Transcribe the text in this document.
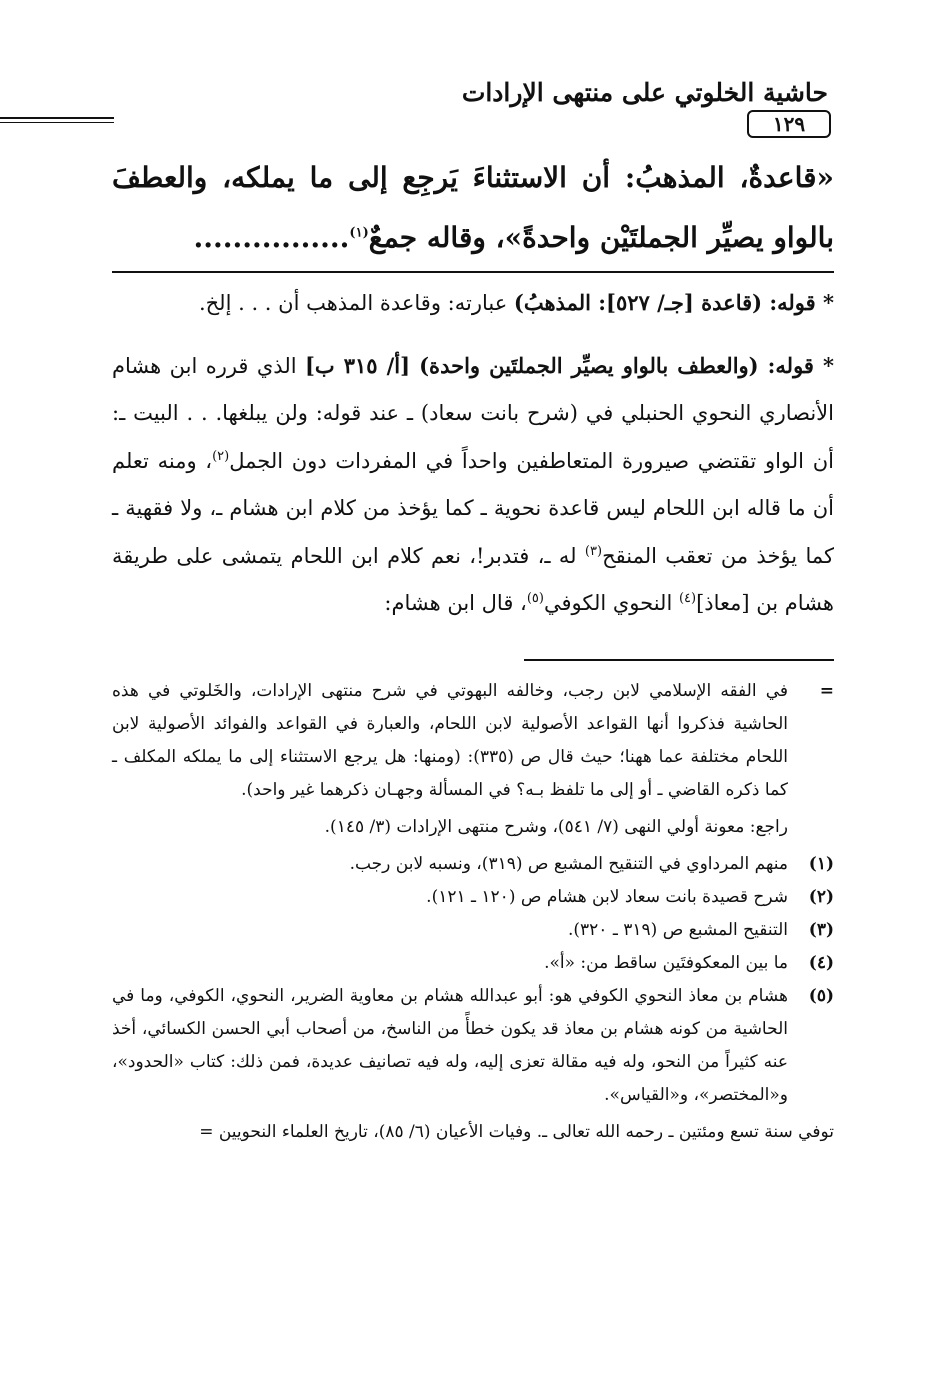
حاشية الخلوتي على منتهى الإرادات
١٢٩
«قاعدةٌ، المذهبُ: أن الاستثناءَ يَرجِع إلى ما يملكه، والعطفَ بالواو يصيِّر الجملتَيْن واحدةً»، وقاله جمعٌ$^{(١)}$................

* قوله: (قاعدة [جـ/ ٥٢٧]: المذهبُ) عبارته: وقاعدة المذهب أن . . . إلخ.

* قوله: (والعطف بالواو يصيِّر الجملتَين واحدة) [أ/ ٣١٥ ب] الذي قرره ابن هشام الأنصاري النحوي الحنبلي في (شرح بانت سعاد) ـ عند قوله: ولن يبلغها. . . البيت ـ: أن الواو تقتضي صيرورة المتعاطفين واحداً في المفردات دون الجمل$^{(٢)}$، ومنه تعلم أن ما قاله ابن اللحام ليس قاعدة نحوية ـ كما يؤخذ من كلام ابن هشام ـ، ولا فقهية ـ كما يؤخذ من تعقب المنقح$^{(٣)}$ له ـ، فتدبر!، نعم كلام ابن اللحام يتمشى على طريقة هشام بن [معاذ]$^{(٤)}$ النحوي الكوفي$^{(٥)}$، قال ابن هشام:

=
في الفقه الإسلامي لابن رجب، وخالفه البهوتي في شرح منتهى الإرادات، والخَلوتي في هذه الحاشية فذكروا أنها القواعد الأصولية لابن اللحام، والعبارة في القواعد والفوائد الأصولية لابن اللحام مختلفة عما ههنا؛ حيث قال ص (٣٣٥): (ومنها: هل يرجع الاستثناء إلى ما يملكه المكلف ـ كما ذكره القاضي ـ أو إلى ما تلفظ بـه؟ في المسألة وجهـان ذكرهما غير واحد).
راجع: معونة أولي النهى (٧/ ٥٤١)، وشرح منتهى الإرادات (٣/ ١٤٥).
(١)
منهم المرداوي في التنقيح المشبع ص (٣١٩)، ونسبه لابن رجب.
(٢)
شرح قصيدة بانت سعاد لابن هشام ص (١٢٠ ـ ١٢١).
(٣)
التنقيح المشبع ص (٣١٩ ـ ٣٢٠).
(٤)
ما بين المعكوفتَين ساقط من: «أ».
(٥)
هشام بن معاذ النحوي الكوفي هو: أبو عبدالله هشام بن معاوية الضرير، النحوي، الكوفي، وما في الحاشية من كونه هشام بن معاذ قد يكون خطأً من الناسخ، من أصحاب أبي الحسن الكسائي، أخذ عنه كثيراً من النحو، وله فيه مقالة تعزى إليه، وله فيه تصانيف عديدة، فمن ذلك: كتاب «الحدود»، و«المختصر»، و«القياس».
توفي سنة تسع ومئتين ـ رحمه الله تعالى ـ. وفيات الأعيان (٦/ ٨٥)، تاريخ العلماء النحويين =
